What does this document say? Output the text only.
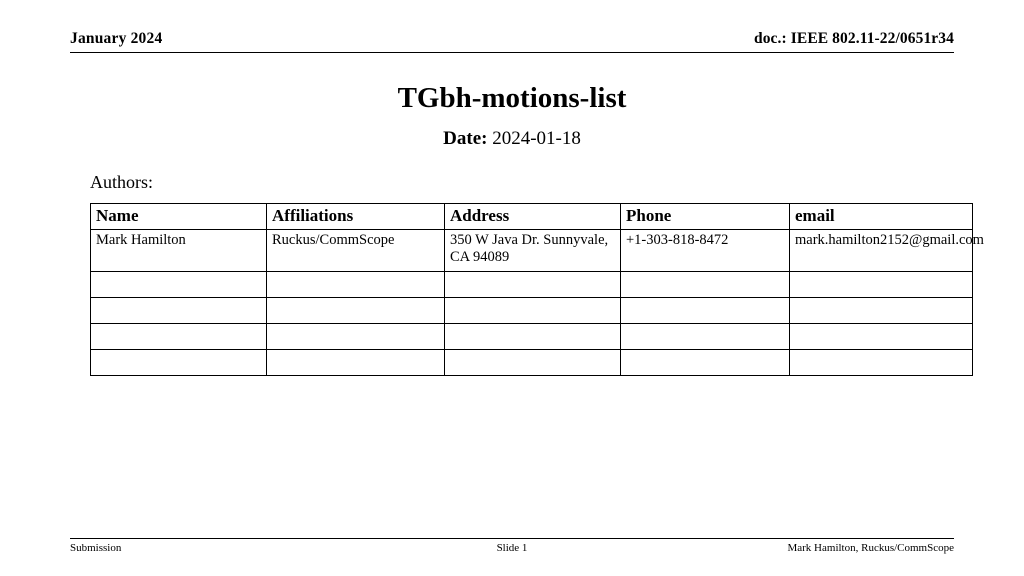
January 2024	doc.: IEEE 802.11-22/0651r34
TGbh-motions-list
Date: 2024-01-18
Authors:
Name	Affiliations	Address	Phone	email
Mark Hamilton	Ruckus/CommScope	350 W Java Dr. Sunnyvale, CA 94089	+1-303-818-8472	mark.hamilton2152@gmail.com

Submission	Slide 1	Mark Hamilton, Ruckus/CommScope
